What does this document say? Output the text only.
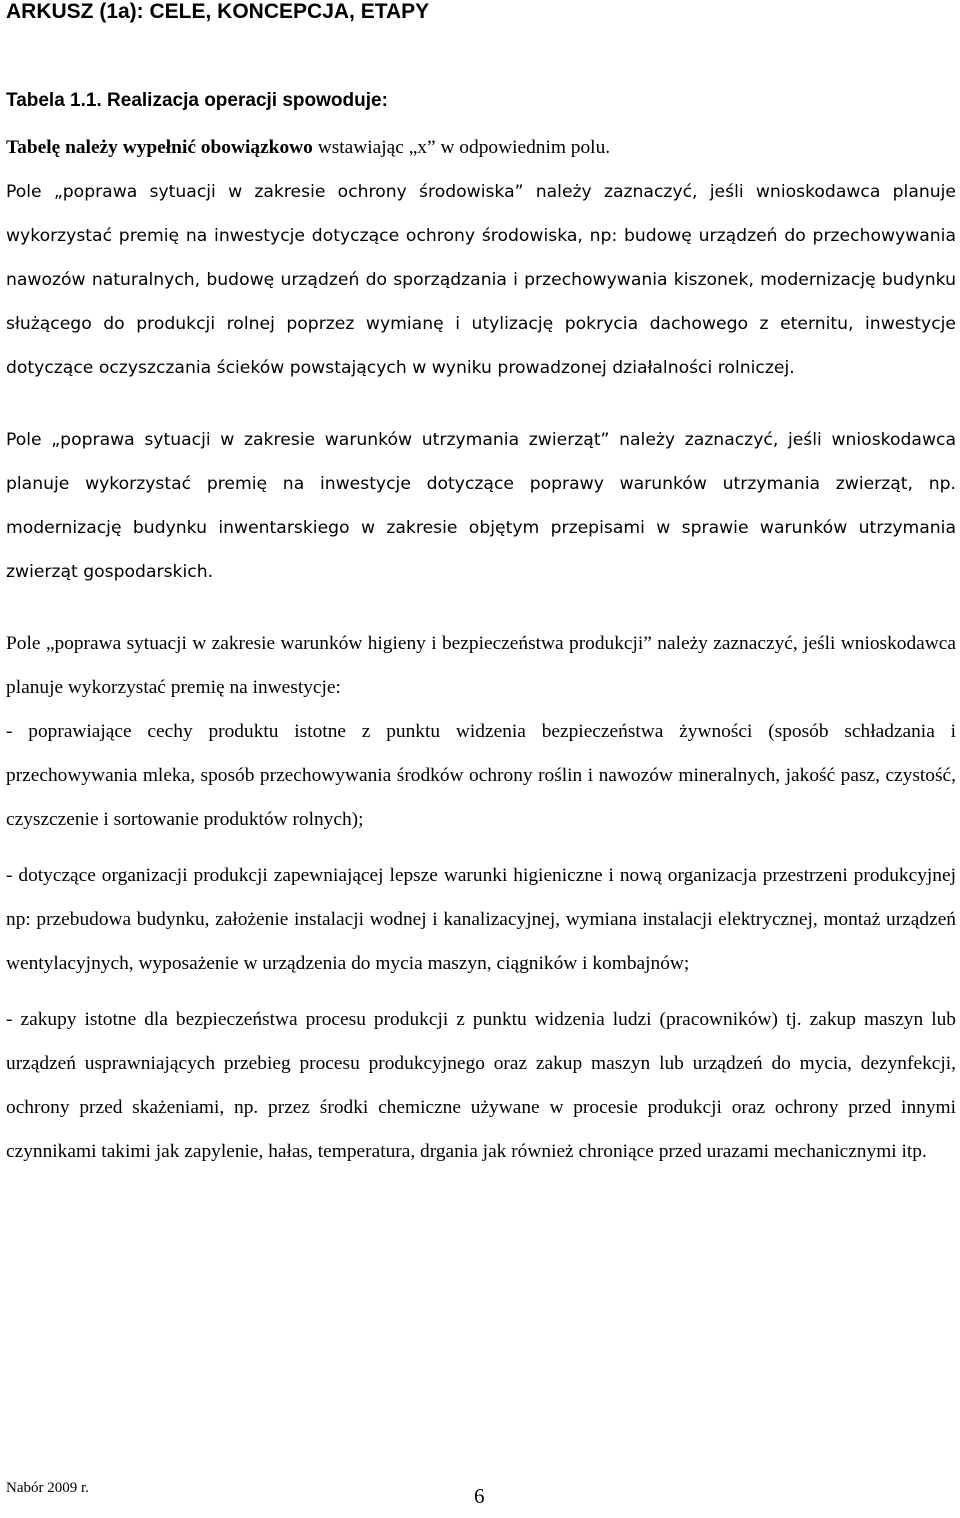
ARKUSZ (1a): CELE, KONCEPCJA, ETAPY
Tabela 1.1. Realizacja operacji spowoduje:

Tabelę należy wypełnić obowiązkowo wstawiając „x” w odpowiednim polu.

Pole „poprawa sytuacji w zakresie ochrony środowiska” należy zaznaczyć, jeśli wnioskodawca planuje wykorzystać premię na inwestycje dotyczące ochrony środowiska, np: budowę urządzeń do przechowywania nawozów naturalnych, budowę urządzeń do sporządzania i przechowywania kiszonek, modernizację budynku służącego do produkcji rolnej poprzez wymianę i utylizację pokrycia dachowego z eternitu, inwestycje dotyczące oczyszczania ścieków powstających w wyniku prowadzonej działalności rolniczej.

Pole „poprawa sytuacji w zakresie warunków utrzymania zwierząt” należy zaznaczyć, jeśli wnioskodawca planuje wykorzystać premię na inwestycje dotyczące poprawy warunków utrzymania zwierząt, np. modernizację budynku inwentarskiego w zakresie objętym przepisami w sprawie warunków utrzymania zwierząt gospodarskich.

Pole „poprawa sytuacji w zakresie warunków higieny i bezpieczeństwa produkcji” należy zaznaczyć, jeśli wnioskodawca planuje wykorzystać premię na inwestycje:

- poprawiające cechy produktu istotne z punktu widzenia bezpieczeństwa żywności (sposób schładzania i przechowywania mleka, sposób przechowywania środków ochrony roślin i nawozów mineralnych, jakość pasz, czystość, czyszczenie i sortowanie produktów rolnych);

- dotyczące organizacji produkcji zapewniającej lepsze warunki higieniczne i nową organizacja przestrzeni produkcyjnej np: przebudowa budynku, założenie instalacji wodnej i kanalizacyjnej, wymiana instalacji elektrycznej, montaż urządzeń wentylacyjnych, wyposażenie w urządzenia do mycia maszyn, ciągników i kombajnów;

- zakupy istotne dla bezpieczeństwa procesu produkcji z punktu widzenia ludzi (pracowników) tj. zakup maszyn lub urządzeń usprawniających przebieg procesu produkcyjnego oraz zakup maszyn lub urządzeń do mycia, dezynfekcji, ochrony przed skażeniami, np. przez środki chemiczne używane w procesie produkcji oraz ochrony przed innymi czynnikami takimi jak zapylenie, hałas, temperatura, drgania jak również chroniące przed urazami mechanicznymi itp.

Nabór 2009 r.	6
